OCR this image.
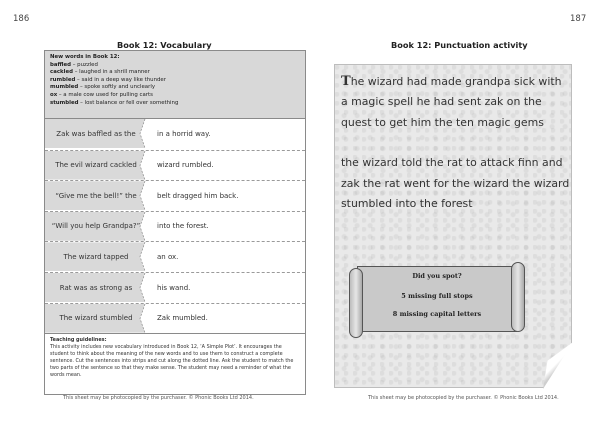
186	187
Book 12: Vocabulary	Book 12: Punctuation activity
New words in Book 12:
baffled – puzzled
cackled – laughed in a shrill manner
rumbled – said in a deep way like thunder
mumbled – spoke softly and unclearly
ox – a male cow used for pulling carts
stumbled – lost balance or fell over something
Zak was baffled as the	in a horrid way.
The evil wizard cackled	wizard rumbled.
“Give me the bell!” the	belt dragged him back.
“Will you help Grandpa?”	into the forest.
The wizard tapped	an ox.
Rat was as strong as	his wand.
The wizard stumbled	Zak mumbled.
Teaching guidelines:
This activity includes new vocabulary introduced in Book 12, ‘A Simple Plot’. It encourages the student to think about the meaning of the new words and to use them to construct a complete sentence. Cut the sentences into strips and cut along the dotted line. Ask the student to match the two parts of the sentence so that they make sense. The student may need a reminder of what the words mean.
This sheet may be photocopied by the purchaser. © Phonic Books Ltd 2014.

The wizard had made grandpa sick with a magic spell he had sent zak on the quest to get him the ten magic gems

the wizard told the rat to attack finn and zak the rat went for the wizard the wizard stumbled into the forest

Did you spot?
5 missing full stops
8 missing capital letters
This sheet may be photocopied by the purchaser. © Phonic Books Ltd 2014.
